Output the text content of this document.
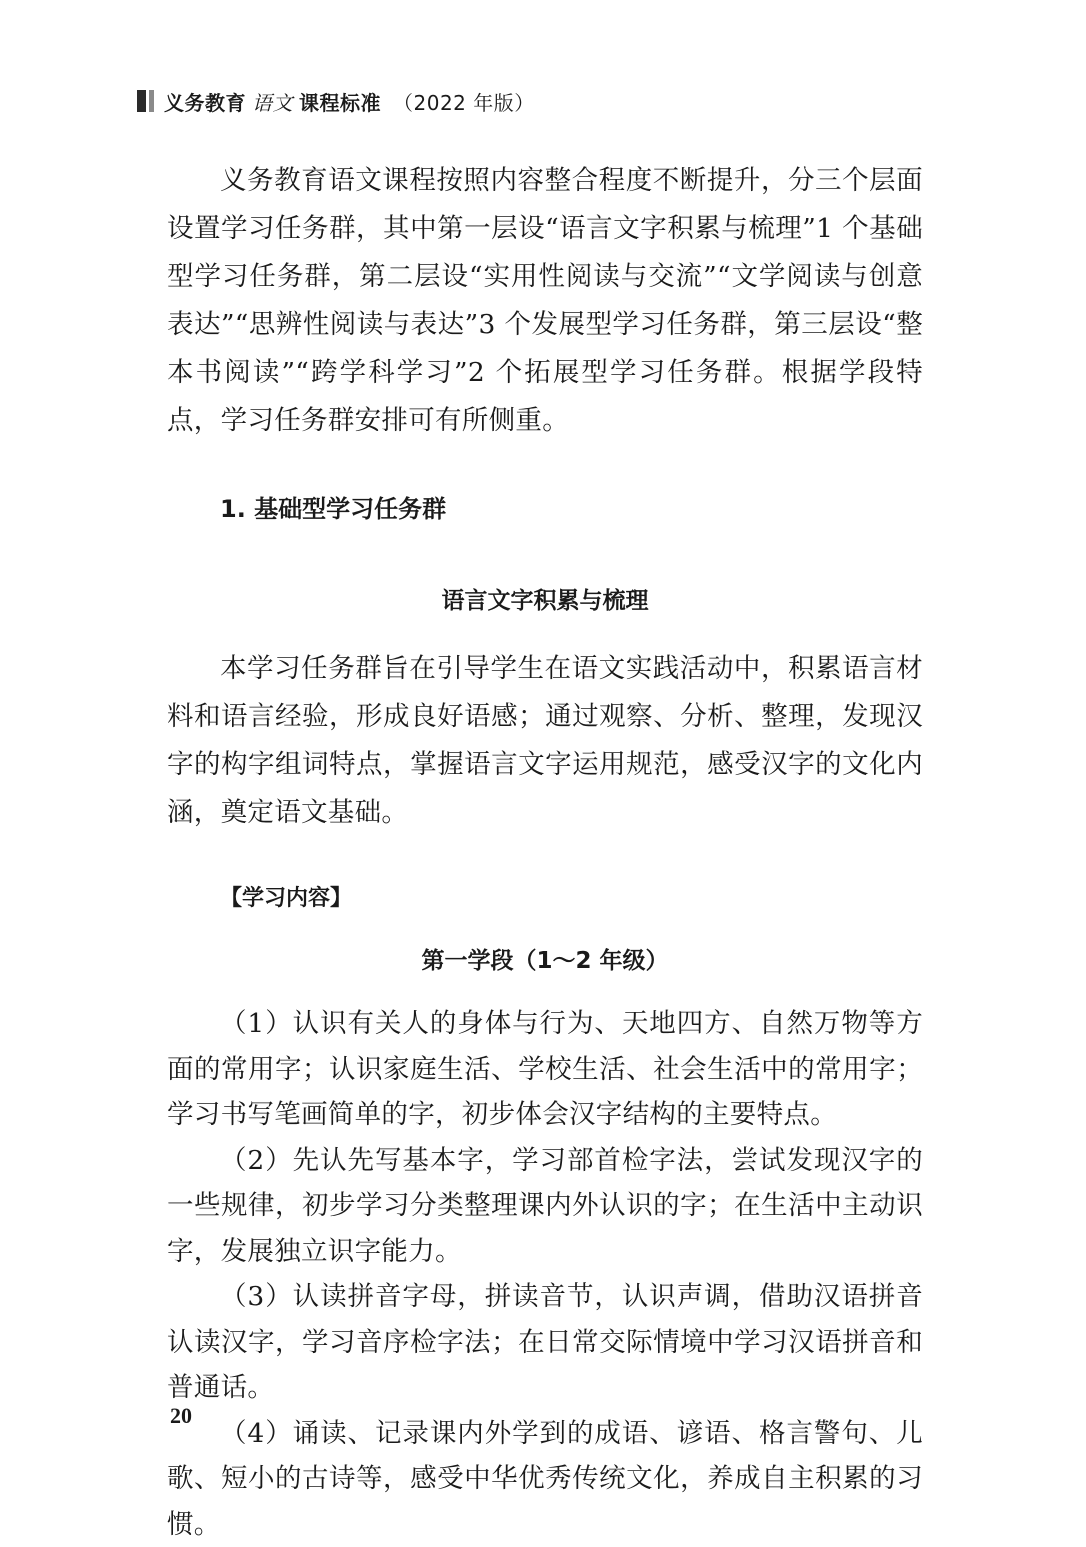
义务教育 语文 课程标准 （2022 年版）

义务教育语文课程按照内容整合程度不断提升，分三个层面设置学习任务群，其中第一层设“语言文字积累与梳理”1 个基础型学习任务群，第二层设“实用性阅读与交流”“文学阅读与创意表达”“思辨性阅读与表达”3 个发展型学习任务群，第三层设“整本书阅读”“跨学科学习”2 个拓展型学习任务群。根据学段特点，学习任务群安排可有所侧重。

1. 基础型学习任务群
语言文字积累与梳理

本学习任务群旨在引导学生在语文实践活动中，积累语言材料和语言经验，形成良好语感；通过观察、分析、整理，发现汉字的构字组词特点，掌握语言文字运用规范，感受汉字的文化内涵，奠定语文基础。

【学习内容】
第一学段（1～2 年级）

（1）认识有关人的身体与行为、天地四方、自然万物等方面的常用字；认识家庭生活、学校生活、社会生活中的常用字；学习书写笔画简单的字，初步体会汉字结构的主要特点。

（2）先认先写基本字，学习部首检字法，尝试发现汉字的一些规律，初步学习分类整理课内外认识的字；在生活中主动识字，发展独立识字能力。

（3）认读拼音字母，拼读音节，认识声调，借助汉语拼音认读汉字，学习音序检字法；在日常交际情境中学习汉语拼音和普通话。

（4）诵读、记录课内外学到的成语、谚语、格言警句、儿歌、短小的古诗等，感受中华优秀传统文化，养成自主积累的习惯。

20
